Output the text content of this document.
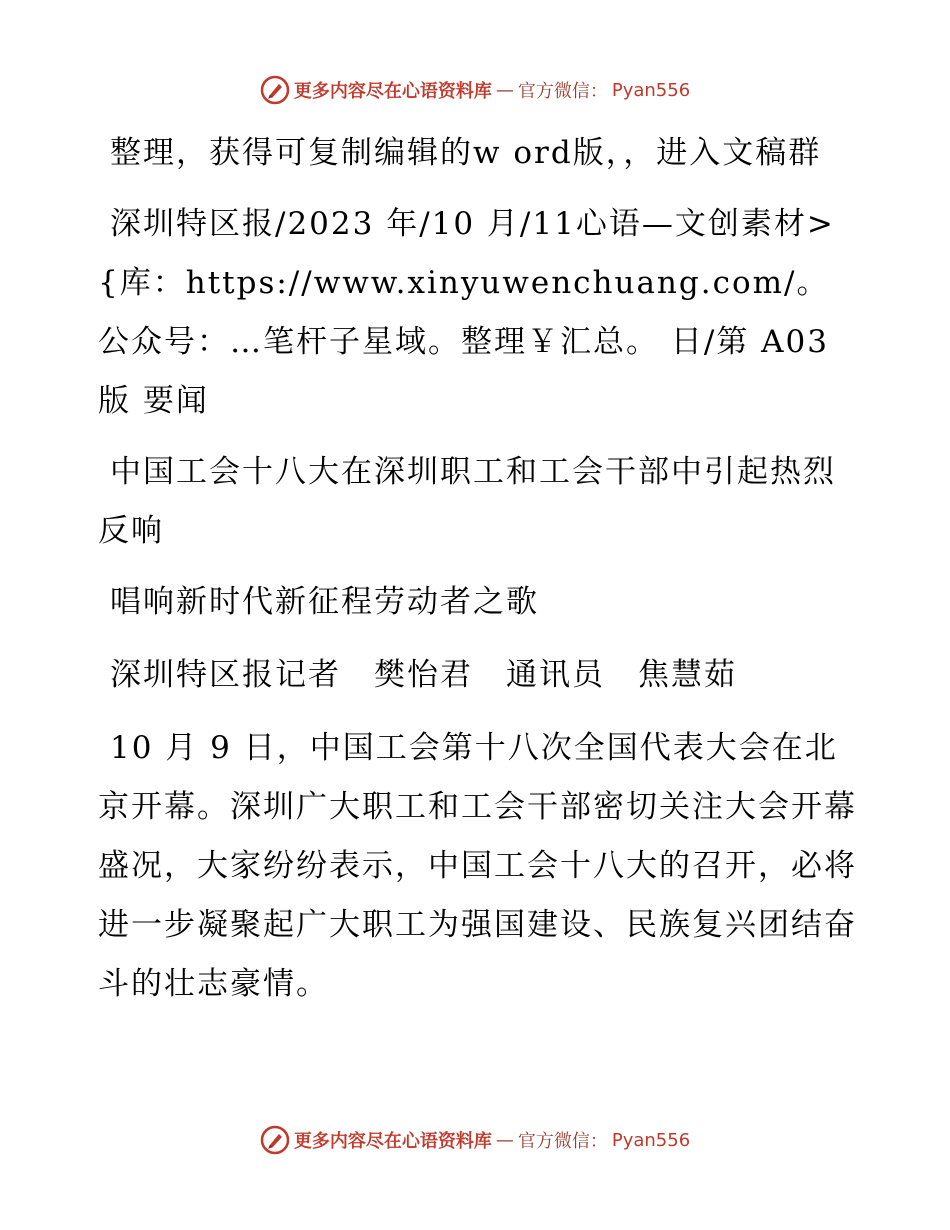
更多内容尽在心语资料库 — 官方微信： Pyan556

整理，获得可复制编辑的w ord版，，进入文稿群

深圳特区报/2023 年/10 月/11心语—文创素材>{库：https://www.xinyuwenchuang.com/。公众号：…笔杆子星域。整理￥汇总。 日/第 A03 版 要闻

中国工会十八大在深圳职工和工会干部中引起热烈反响

唱响新时代新征程劳动者之歌

深圳特区报记者　樊怡君　通讯员　焦慧茹

10 月 9 日，中国工会第十八次全国代表大会在北京开幕。深圳广大职工和工会干部密切关注大会开幕盛况，大家纷纷表示，中国工会十八大的召开，必将进一步凝聚起广大职工为强国建设、民族复兴团结奋斗的壮志豪情。

更多内容尽在心语资料库 — 官方微信： Pyan556
